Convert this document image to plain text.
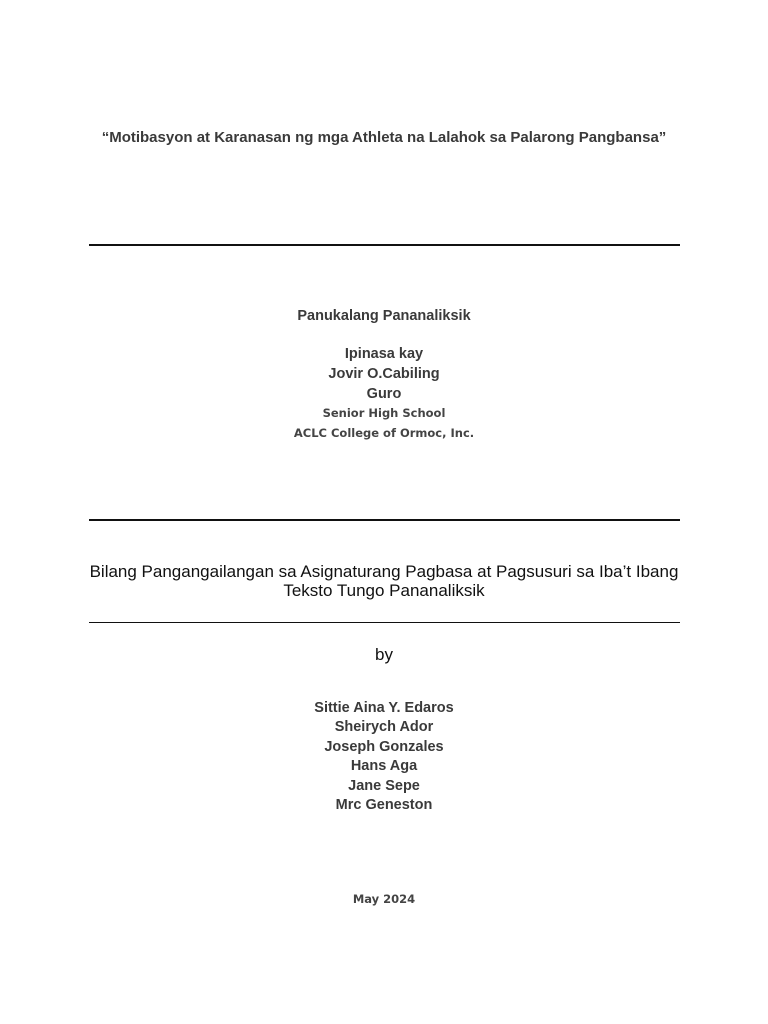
“Motibasyon at Karanasan ng mga Athleta na Lalahok sa Palarong Pangbansa”
Panukalang Pananaliksik
Ipinasa kay
Jovir O.Cabiling
Guro
Senior High School
ACLC College of Ormoc, Inc.
Bilang Pangangailangan sa Asignaturang Pagbasa at Pagsusuri sa Iba’t Ibang
Teksto Tungo Pananaliksik
by
Sittie Aina Y. Edaros
Sheirych Ador
Joseph Gonzales
Hans Aga
Jane Sepe
Mrc Geneston
May 2024
